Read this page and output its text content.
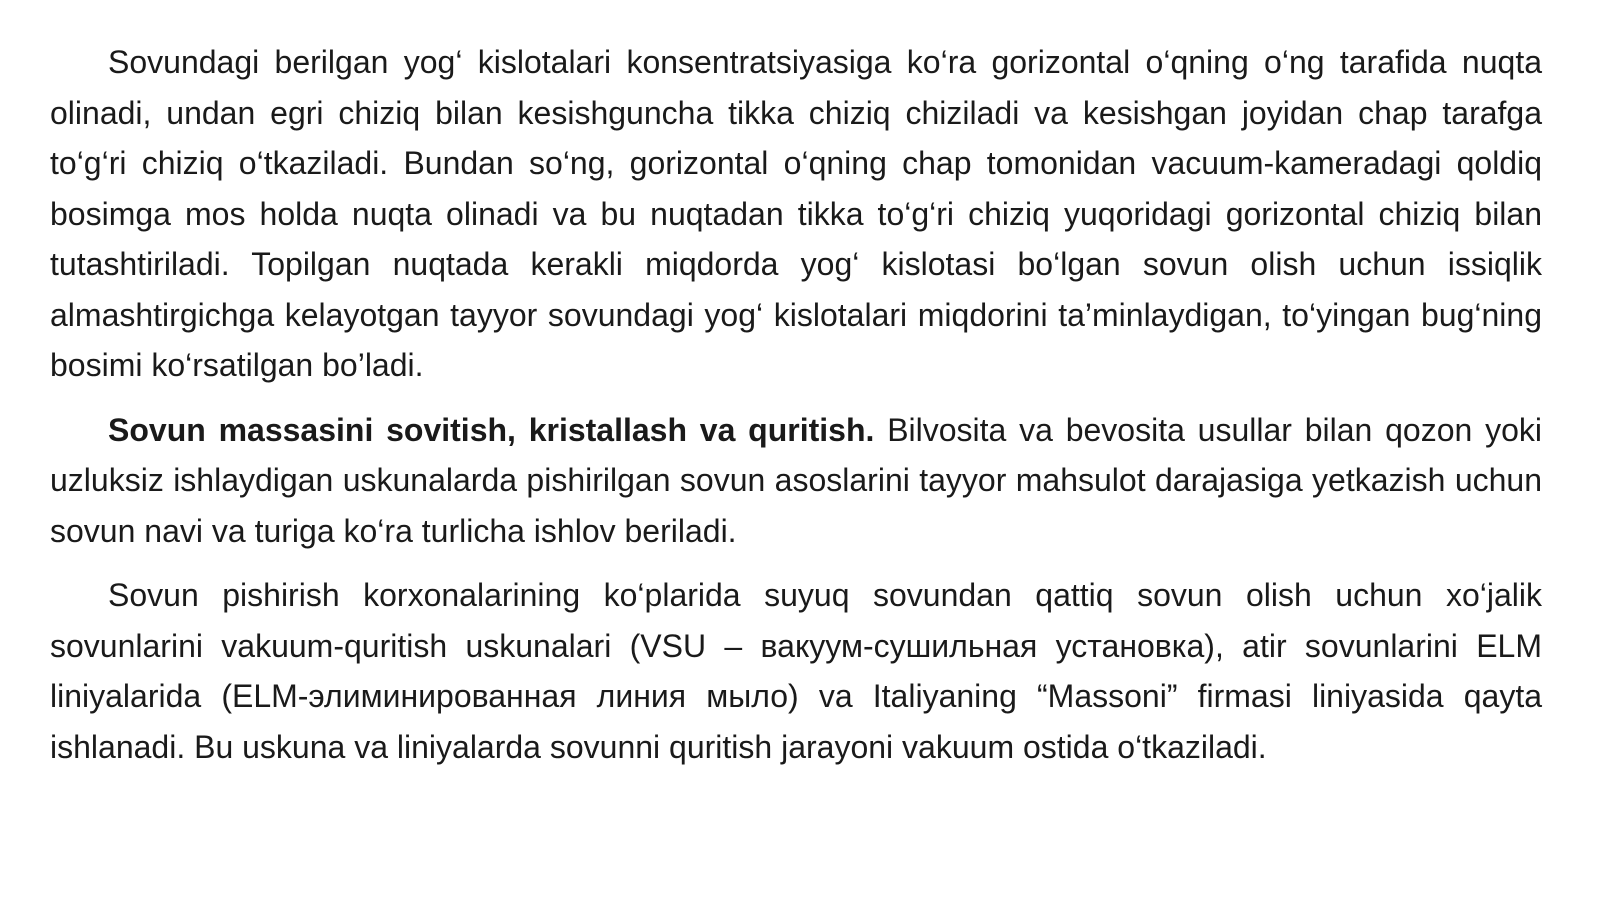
Sovundagi berilgan yog‘ kislotalari konsentratsiyasiga ko‘ra gorizontal o‘qning o‘ng tarafida nuqta olinadi, undan egri chiziq bilan kesishguncha tikka chiziq chiziladi va kesishgan joyidan chap tarafga to‘g‘ri chiziq o‘tkaziladi. Bundan so‘ng, gorizontal o‘qning chap tomonidan vacuum-kameradagi qoldiq bosimga mos holda nuqta olinadi va bu nuqtadan tikka to‘g‘ri chiziq yuqoridagi gorizontal chiziq bilan tutashtiriladi. Topilgan nuqtada kerakli miqdorda yog‘ kislotasi bo‘lgan sovun olish uchun issiqlik almashtirgichga kelayotgan tayyor sovundagi yog‘ kislotalari miqdorini ta’minlaydigan, to‘yingan bug‘ning bosimi ko‘rsatilgan bo’ladi.

Sovun massasini sovitish, kristallash va quritish. Bilvosita va bevosita usullar bilan qozon yoki uzluksiz ishlaydigan uskunalarda pishirilgan sovun asoslarini tayyor mahsulot darajasiga yetkazish uchun sovun navi va turiga ko‘ra turlicha ishlov beriladi.

Sovun pishirish korxonalarining ko‘plarida suyuq sovundan qattiq sovun olish uchun xo‘jalik sovunlarini vakuum-quritish uskunalari (VSU – вакуум-сушильная установка), atir sovunlarini ELM liniyalarida (ELM-элиминированная линия мыло) va Italiyaning “Massoni” firmasi liniyasida qayta ishlanadi. Bu uskuna va liniyalarda sovunni quritish jarayoni vakuum ostida o‘tkaziladi.
